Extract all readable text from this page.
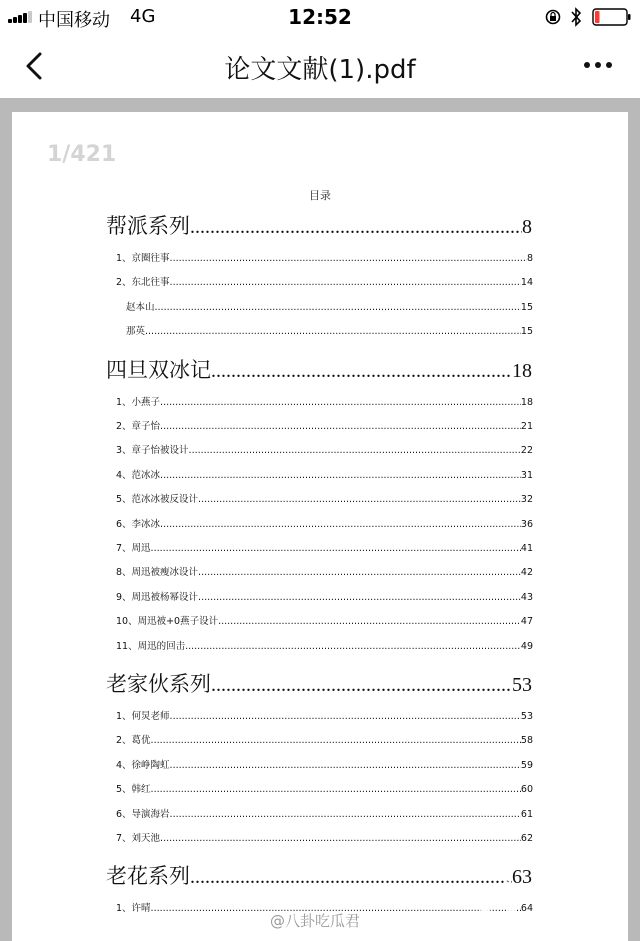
中国移动 4G	12:52
论文文献(1).pdf
1/421
目录
帮派系列 .....	8
1、京圈往事 .....	8
2、东北往事 .....	14
赵本山 .....	15
那英 .....	15
四旦双冰记 .....	18
1、小燕子 .....	18
2、章子怡 .....	21
3、章子怡被设计 .....	22
4、范冰冰 .....	31
5、范冰冰被反设计 .....	32
6、李冰冰 .....	36
7、周迅 .....	41
8、周迅被瘦冰设计 .....	42
9、周迅被杨幂设计 .....	43
10、周迅被+0燕子设计 .....	47
11、周迅的回击 .....	49
老家伙系列 .....	53
1、何炅老师 .....	53
2、葛优 .....	58
4、徐峥陶虹 .....	59
5、韩红 .....	60
6、导演海岩 .....	61
7、刘天池 .....	62
老花系列 .....	63
1、许晴 .....	64
@八卦吃瓜君
